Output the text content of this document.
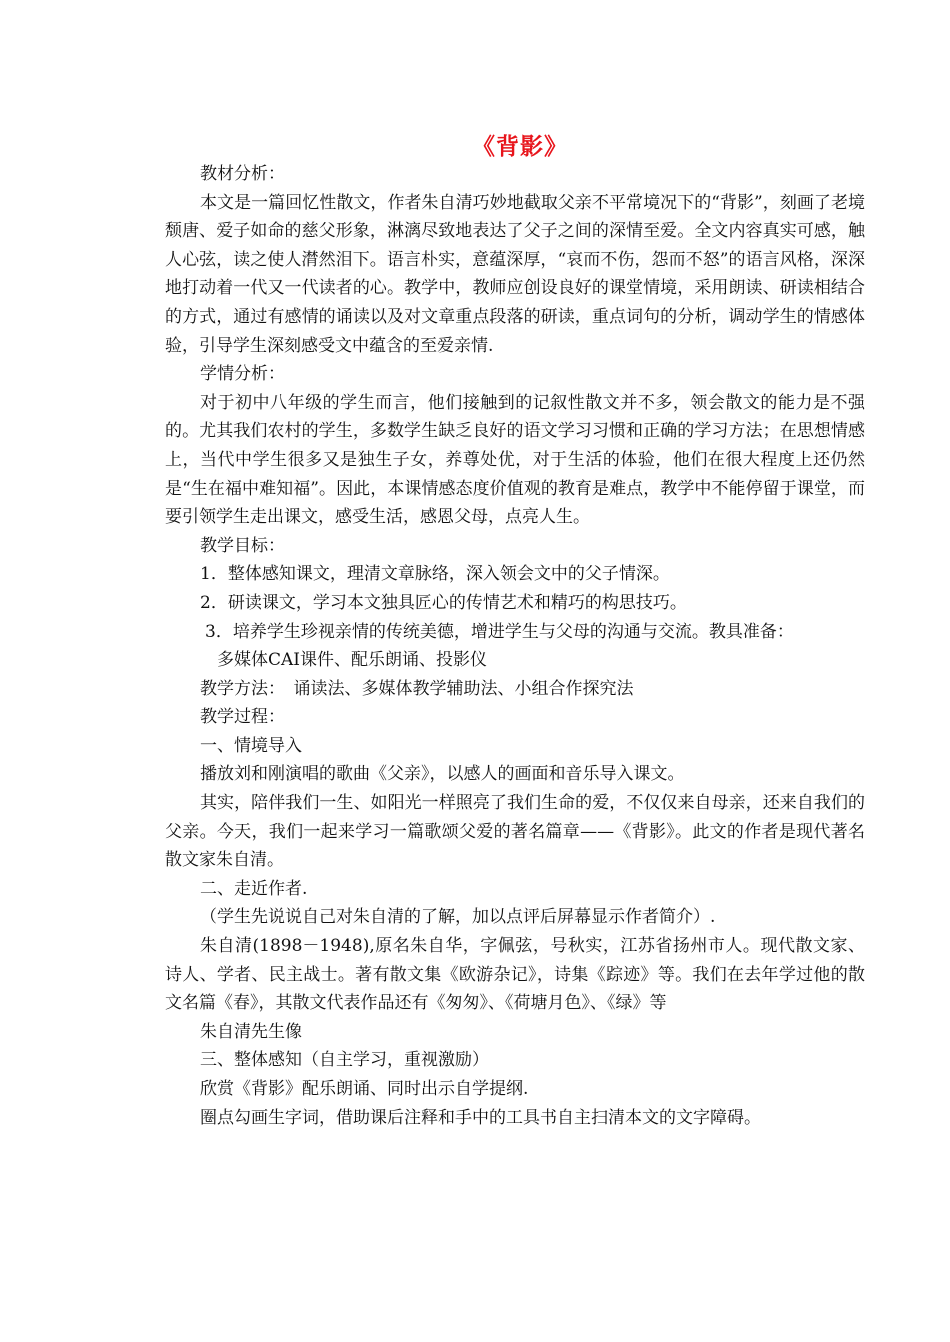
《背影》

教材分析：

本文是一篇回忆性散文，作者朱自清巧妙地截取父亲不平常境况下的“背影”，刻画了老境颓唐、爱子如命的慈父形象，淋漓尽致地表达了父子之间的深情至爱。全文内容真实可感，触人心弦，读之使人潸然泪下。语言朴实，意蕴深厚，“哀而不伤，怨而不怒”的语言风格，深深地打动着一代又一代读者的心。教学中，教师应创设良好的课堂情境，采用朗读、研读相结合的方式，通过有感情的诵读以及对文章重点段落的研读，重点词句的分析，调动学生的情感体验，引导学生深刻感受文中蕴含的至爱亲情.

学情分析：

对于初中八年级的学生而言，他们接触到的记叙性散文并不多，领会散文的能力是不强的。尤其我们农村的学生，多数学生缺乏良好的语文学习习惯和正确的学习方法；在思想情感上，当代中学生很多又是独生子女，养尊处优，对于生活的体验，他们在很大程度上还仍然是“生在福中难知福”。因此，本课情感态度价值观的教育是难点，教学中不能停留于课堂，而要引领学生走出课文，感受生活，感恩父母，点亮人生。

教学目标：

1．整体感知课文，理清文章脉络，深入领会文中的父子情深。

2．研读课文，学习本文独具匠心的传情艺术和精巧的构思技巧。

3．培养学生珍视亲情的传统美德，增进学生与父母的沟通与交流。教具准备：

多媒体CAI课件、配乐朗诵、投影仪

教学方法：　诵读法、多媒体教学辅助法、小组合作探究法

教学过程：

一、情境导入

播放刘和刚演唱的歌曲《父亲》，以感人的画面和音乐导入课文。

其实，陪伴我们一生、如阳光一样照亮了我们生命的爱，不仅仅来自母亲，还来自我们的父亲。今天，我们一起来学习一篇歌颂父爱的著名篇章——《背影》。此文的作者是现代著名散文家朱自清。

二、走近作者.

（学生先说说自己对朱自清的了解，加以点评后屏幕显示作者简介）.

朱自清(1898－1948),原名朱自华，字佩弦，号秋实，江苏省扬州市人。现代散文家、诗人、学者、民主战士。著有散文集《欧游杂记》，诗集《踪迹》等。我们在去年学过他的散文名篇《春》，其散文代表作品还有《匆匆》、《荷塘月色》、《绿》等

朱自清先生像

三、整体感知（自主学习，重视激励）

欣赏《背影》配乐朗诵、同时出示自学提纲.

圈点勾画生字词，借助课后注释和手中的工具书自主扫清本文的文字障碍。
